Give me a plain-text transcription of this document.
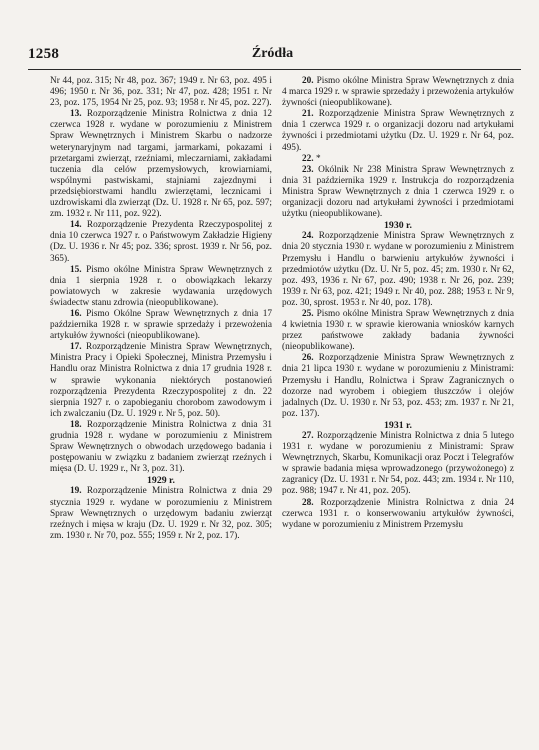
1258	Źródła

Nr 44, poz. 315; Nr 48, poz. 367; 1949 r. Nr 63, poz. 495 i 496; 1950 r. Nr 36, poz. 331; Nr 47, poz. 428; 1951 r. Nr 23, poz. 175, 1954 Nr 25, poz. 93; 1958 r. Nr 45, poz. 227).

13. Rozporządzenie Ministra Rolnictwa z dnia 12 czerwca 1928 r. wydane w porozumieniu z Ministrem Spraw Wewnętrznych i Ministrem Skarbu o nadzorze weterynaryjnym nad targami, jarmarkami, pokazami i przetargami zwierząt, rzeźniami, mleczarniami, zakładami tuczenia dla celów przemysłowych, krowiarniami, wspólnymi pastwiskami, stajniami zajezdnymi i przedsiębiorstwami handlu zwierzętami, lecznicami i uzdrowiskami dla zwierząt (Dz. U. 1928 r. Nr 65, poz. 597; zm. 1932 r. Nr 111, poz. 922).

14. Rozporządzenie Prezydenta Rzeczypospolitej z dnia 10 czerwca 1927 r. o Państwowym Zakładzie Higieny (Dz. U. 1936 r. Nr 45; poz. 336; sprost. 1939 r. Nr 56, poz. 365).

15. Pismo okólne Ministra Spraw Wewnętrznych z dnia 1 sierpnia 1928 r. o obowiązkach lekarzy powiatowych w zakresie wydawania urzędowych świadectw stanu zdrowia (nieopublikowane).

16. Pismo Okólne Spraw Wewnętrznych z dnia 17 października 1928 r. w sprawie sprzedaży i przewożenia artykułów żywności (nieopublikowane).

17. Rozporządzenie Ministra Spraw Wewnętrznych, Ministra Pracy i Opieki Społecznej, Ministra Przemysłu i Handlu oraz Ministra Rolnictwa z dnia 17 grudnia 1928 r. w sprawie wykonania niektórych postanowień rozporządzenia Prezydenta Rzeczypospolitej z dn. 22 sierpnia 1927 r. o zapobieganiu chorobom zawodowym i ich zwalczaniu (Dz. U. 1929 r. Nr 5, poz. 50).

18. Rozporządzenie Ministra Rolnictwa z dnia 31 grudnia 1928 r. wydane w porozumieniu z Ministrem Spraw Wewnętrznych o obwodach urzędowego badania i postępowaniu w związku z badaniem zwierząt rzeźnych i mięsa (D. U. 1929 r., Nr 3, poz. 31).

1929 r.

19. Rozporządzenie Ministra Rolnictwa z dnia 29 stycznia 1929 r. wydane w porozumieniu z Ministrem Spraw Wewnętrznych o urzędowym badaniu zwierząt rzeźnych i mięsa w kraju (Dz. U. 1929 r. Nr 32, poz. 305; zm. 1930 r. Nr 70, poz. 555; 1959 r. Nr 2, poz. 17).

20. Pismo okólne Ministra Spraw Wewnętrznych z dnia 4 marca 1929 r. w sprawie sprzedaży i przewożenia artykułów żywności (nieopublikowane).

21. Rozporządzenie Ministra Spraw Wewnętrznych z dnia 1 czerwca 1929 r. o organizacji dozoru nad artykułami żywności i przedmiotami użytku (Dz. U. 1929 r. Nr 64, poz. 495).

22. *

23. Okólnik Nr 238 Ministra Spraw Wewnętrznych z dnia 31 października 1929 r. Instrukcja do rozporządzenia Ministra Spraw Wewnętrznych z dnia 1 czerwca 1929 r. o organizacji dozoru nad artykułami żywności i przedmiotami użytku (nieopublikowane).

1930 r.

24. Rozporządzenie Ministra Spraw Wewnętrznych z dnia 20 stycznia 1930 r. wydane w porozumieniu z Ministrem Przemysłu i Handlu o barwieniu artykułów żywności i przedmiotów użytku (Dz. U. Nr 5, poz. 45; zm. 1930 r. Nr 62, poz. 493, 1936 r. Nr 67, poz. 490; 1938 r. Nr 26, poz. 239; 1939 r. Nr 63, poz. 421; 1949 r. Nr 40, poz. 288; 1953 r. Nr 9, poz. 30, sprost. 1953 r. Nr 40, poz. 178).

25. Pismo okólne Ministra Spraw Wewnętrznych z dnia 4 kwietnia 1930 r. w sprawie kierowania wniosków karnych przez państwowe zakłady badania żywności (nieopublikowane).

26. Rozporządzenie Ministra Spraw Wewnętrznych z dnia 21 lipca 1930 r. wydane w porozumieniu z Ministrami: Przemysłu i Handlu, Rolnictwa i Spraw Zagranicznych o dozorze nad wyrobem i obiegiem tłuszczów i olejów jadalnych (Dz. U. 1930 r. Nr 53, poz. 453; zm. 1937 r. Nr 21, poz. 137).

1931 r.

27. Rozporządzenie Ministra Rolnictwa z dnia 5 lutego 1931 r. wydane w porozumieniu z Ministrami: Spraw Wewnętrznych, Skarbu, Komunikacji oraz Poczt i Telegrafów w sprawie badania mięsa wprowadzonego (przywożonego) z zagranicy (Dz. U. 1931 r. Nr 54, poz. 443; zm. 1934 r. Nr 110, poz. 988; 1947 r. Nr 41, poz. 205).

28. Rozporządzenie Ministra Rolnictwa z dnia 24 czerwca 1931 r. o konserwowaniu artykułów żywności, wydane w porozumieniu z Ministrem Przemysłu
